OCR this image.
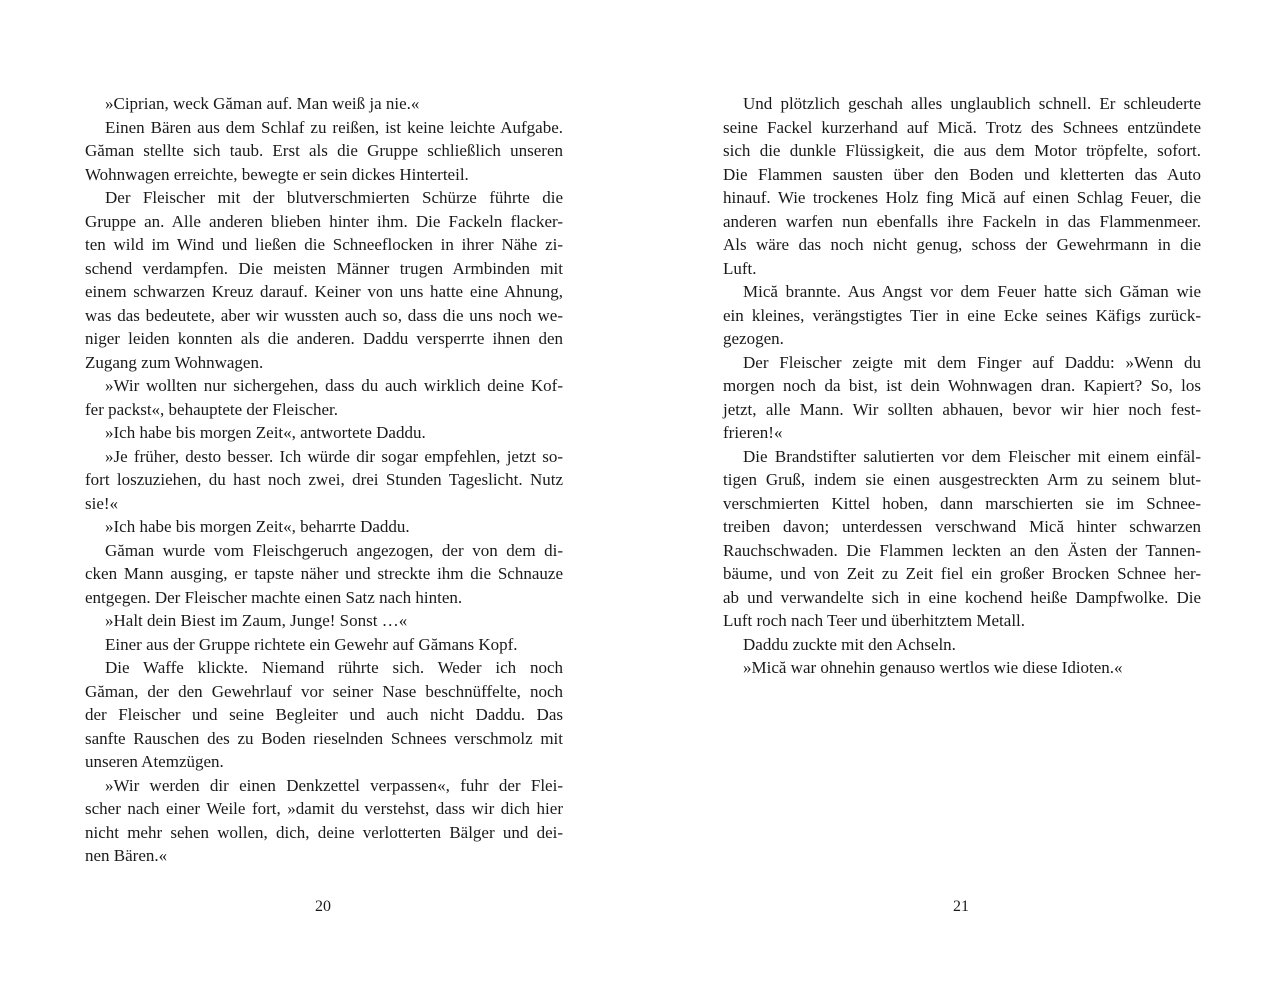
»Ciprian, weck Gămаn auf. Man weiß ja nie.«
Einen Bären aus dem Schlaf zu reißen, ist keine leichte Aufgabe.
Gămаn stellte sich taub. Erst als die Gruppe schließlich unseren
Wohnwagen erreichte, bewegte er sein dickes Hinterteil.
Der Fleischer mit der blutverschmierten Schürze führte die
Gruppe an. Alle anderen blieben hinter ihm. Die Fackeln flacker-
ten wild im Wind und ließen die Schneeflocken in ihrer Nähe zi-
schend verdampfen. Die meisten Männer trugen Armbinden mit
einem schwarzen Kreuz darauf. Keiner von uns hatte eine Ahnung,
was das bedeutete, aber wir wussten auch so, dass die uns noch we-
niger leiden konnten als die anderen. Daddu versperrte ihnen den
Zugang zum Wohnwagen.
»Wir wollten nur sichergehen, dass du auch wirklich deine Kof-
fer packst«, behauptete der Fleischer.
»Ich habe bis morgen Zeit«, antwortete Daddu.
»Je früher, desto besser. Ich würde dir sogar empfehlen, jetzt so-
fort loszuziehen, du hast noch zwei, drei Stunden Tageslicht. Nutz
sie!«
»Ich habe bis morgen Zeit«, beharrte Daddu.
Gămаn wurde vom Fleischgeruch angezogen, der von dem di-
cken Mann ausging, er tapste näher und streckte ihm die Schnauze
entgegen. Der Fleischer machte einen Satz nach hinten.
»Halt dein Biest im Zaum, Junge! Sonst …«
Einer aus der Gruppe richtete ein Gewehr auf Gămаns Kopf.
Die Waffe klickte. Niemand rührte sich. Weder ich noch
Gămаn, der den Gewehrlauf vor seiner Nase beschnüffelte, noch
der Fleischer und seine Begleiter und auch nicht Daddu. Das
sanfte Rauschen des zu Boden rieselnden Schnees verschmolz mit
unseren Atemzügen.
»Wir werden dir einen Denkzettel verpassen«, fuhr der Flei-
scher nach einer Weile fort, »damit du verstehst, dass wir dich hier
nicht mehr sehen wollen, dich, deine verlotterten Bälger und dei-
nen Bären.«
20
Und plötzlich geschah alles unglaublich schnell. Er schleuderte
seine Fackel kurzerhand auf Mică. Trotz des Schnees entzündete
sich die dunkle Flüssigkeit, die aus dem Motor tröpfelte, sofort.
Die Flammen sausten über den Boden und kletterten das Auto
hinauf. Wie trockenes Holz fing Mică auf einen Schlag Feuer, die
anderen warfen nun ebenfalls ihre Fackeln in das Flammenmeer.
Als wäre das noch nicht genug, schoss der Gewehrmann in die
Luft.
Mică brannte. Aus Angst vor dem Feuer hatte sich Gămаn wie
ein kleines, verängstigtes Tier in eine Ecke seines Käfigs zurück-
gezogen.
Der Fleischer zeigte mit dem Finger auf Daddu: »Wenn du
morgen noch da bist, ist dein Wohnwagen dran. Kapiert? So, los
jetzt, alle Mann. Wir sollten abhauen, bevor wir hier noch fest-
frieren!«
Die Brandstifter salutierten vor dem Fleischer mit einem einfäl-
tigen Gruß, indem sie einen ausgestreckten Arm zu seinem blut-
verschmierten Kittel hoben, dann marschierten sie im Schnee-
treiben davon; unterdessen verschwand Mică hinter schwarzen
Rauchschwaden. Die Flammen leckten an den Ästen der Tannen-
bäume, und von Zeit zu Zeit fiel ein großer Brocken Schnee her-
ab und verwandelte sich in eine kochend heiße Dampfwolke. Die
Luft roch nach Teer und überhitztem Metall.
Daddu zuckte mit den Achseln.
»Mică war ohnehin genauso wertlos wie diese Idioten.«
21
